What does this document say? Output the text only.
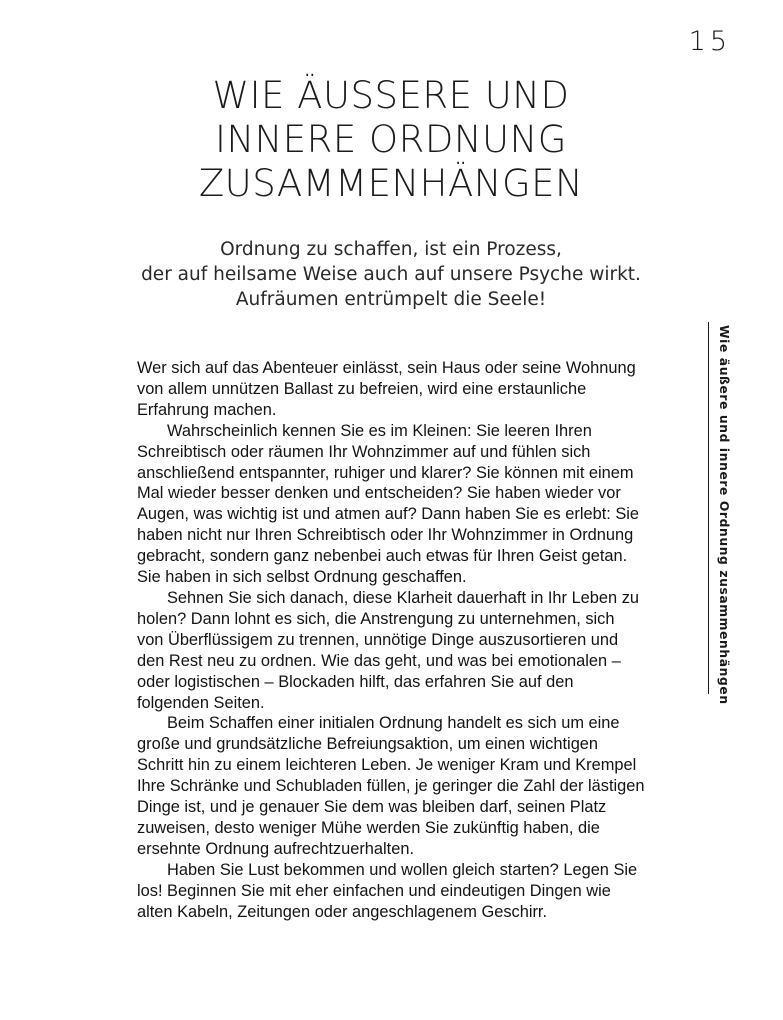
15
WIE ÄUSSERE UND
INNERE ORDNUNG
ZUSAMMENHÄNGEN
Ordnung zu schaffen, ist ein Prozess,
der auf heilsame Weise auch auf unsere Psyche wirkt.
Aufräumen entrümpelt die Seele!

Wer sich auf das Abenteuer einlässt, sein Haus oder seine Wohnung von allem unnützen Ballast zu befreien, wird eine erstaunliche Erfahrung machen.

Wahrscheinlich kennen Sie es im Kleinen: Sie leeren Ihren Schreibtisch oder räumen Ihr Wohnzimmer auf und fühlen sich anschließend entspannter, ruhiger und klarer? Sie können mit einem Mal wieder besser denken und entscheiden? Sie haben wieder vor Augen, was wichtig ist und atmen auf? Dann haben Sie es erlebt: Sie haben nicht nur Ihren Schreibtisch oder Ihr Wohnzimmer in Ordnung gebracht, sondern ganz nebenbei auch etwas für Ihren Geist getan. Sie haben in sich selbst Ordnung geschaffen.

Sehnen Sie sich danach, diese Klarheit dauerhaft in Ihr Leben zu holen? Dann lohnt es sich, die Anstrengung zu unternehmen, sich von Überflüssigem zu trennen, unnötige Dinge auszusortieren und den Rest neu zu ordnen. Wie das geht, und was bei emotionalen – oder logistischen – Blockaden hilft, das erfahren Sie auf den folgenden Seiten.

Beim Schaffen einer initialen Ordnung handelt es sich um eine große und grundsätzliche Befreiungsaktion, um einen wichtigen Schritt hin zu einem leichteren Leben. Je weniger Kram und Krempel Ihre Schränke und Schubladen füllen, je geringer die Zahl der lästigen Dinge ist, und je genauer Sie dem was bleiben darf, seinen Platz zuweisen, desto weniger Mühe werden Sie zukünftig haben, die ersehnte Ordnung aufrechtzuerhalten.

Haben Sie Lust bekommen und wollen gleich starten? Legen Sie los! Beginnen Sie mit eher einfachen und eindeutigen Dingen wie alten Kabeln, Zeitungen oder angeschlagenem Geschirr.

Wie äußere und innere Ordnung zusammenhängen
